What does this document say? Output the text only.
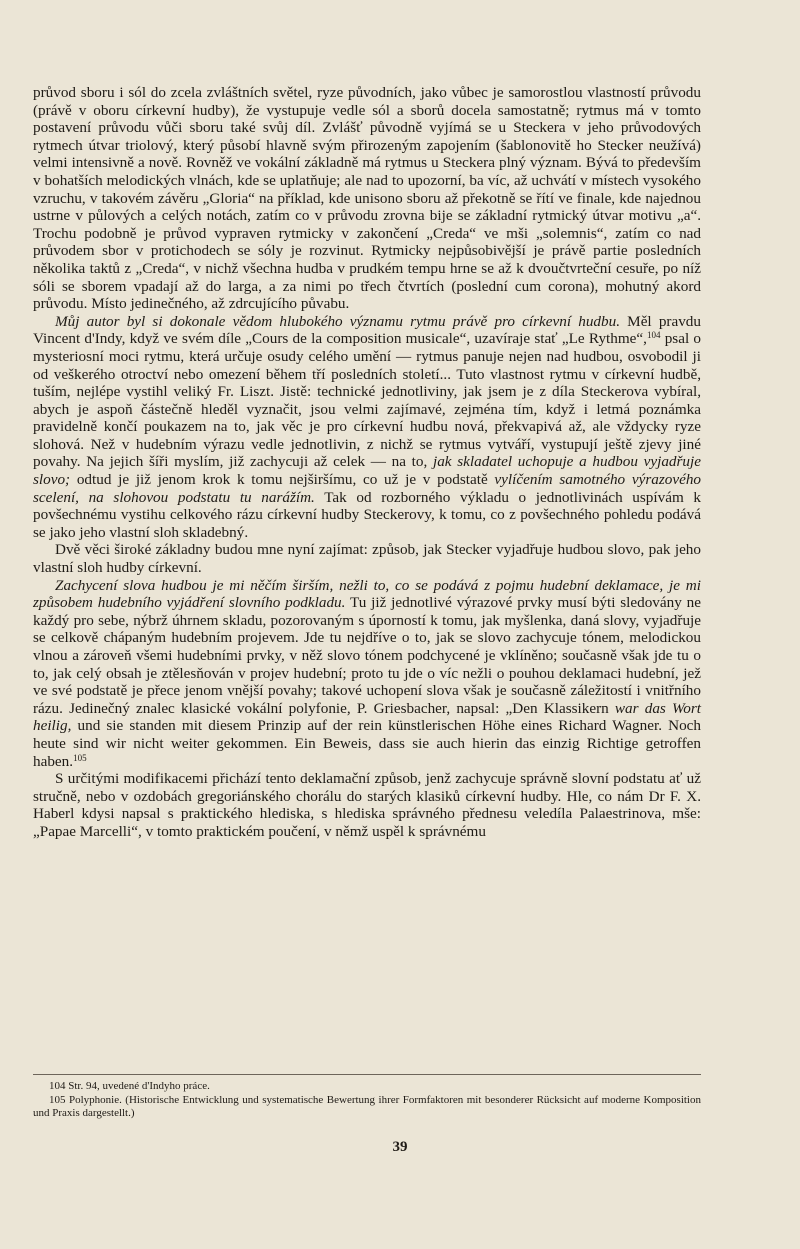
průvod sboru i sól do zcela zvláštních světel, ryze původních, jako vůbec je samorostlou vlastností průvodu (právě v oboru církevní hudby), že vystupuje vedle sól a sborů docela samostatně; rytmus má v tomto postavení průvodu vůči sboru také svůj díl. Zvlášť původně vyjímá se u Steckera v jeho průvodových rytmech útvar triolový, který působí hlavně svým přirozeným zapojením (šablonovitě ho Stecker neužívá) velmi intensivně a nově. Rovněž ve vokální základně má rytmus u Steckera plný význam. Bývá to především v bohatších melodických vlnách, kde se uplatňuje; ale nad to upozorní, ba víc, až uchvátí v místech vysokého vzruchu, v takovém závěru „Gloria“ na příklad, kde unisono sboru až překotně se řítí ve finale, kde najednou ustrne v půlových a celých notách, zatím co v průvodu zrovna bije se základní rytmický útvar motivu „a“. Trochu podobně je průvod vypraven rytmicky v zakončení „Creda“ ve mši „solemnis“, zatím co nad průvodem sbor v protichodech se sóly je rozvinut. Rytmicky nejpůsobivější je právě partie posledních několika taktů z „Creda“, v nichž všechna hudba v prudkém tempu hrne se až k dvoučtvrteční cesuře, po níž sóli se sborem vpadají až do larga, a za nimi po třech čtvrtích (poslední cum corona), mohutný akord průvodu. Místo jedinečného, až zdrcujícího půvabu.

Můj autor byl si dokonale vědom hlubokého významu rytmu právě pro církevní hudbu. Měl pravdu Vincent d'Indy, když ve svém díle „Cours de la composition musicale“, uzavíraje stať „Le Rythme“,$^{104}$ psal o mysteriosní moci rytmu, která určuje osudy celého umění — rytmus panuje nejen nad hudbou, osvobodil ji od veškerého otroctví nebo omezení během tří posledních století... Tuto vlastnost rytmu v církevní hudbě, tuším, nejlépe vystihl veliký Fr. Liszt. Jistě: technické jednotliviny, jak jsem je z díla Steckerova vybíral, abych je aspoň částečně hleděl vyznačit, jsou velmi zajímavé, zejména tím, když i letmá poznámka pravidelně končí poukazem na to, jak věc je pro církevní hudbu nová, překvapivá až, ale vždycky ryze slohová. Než v hudebním výrazu vedle jednotlivin, z nichž se rytmus vytváří, vystupují ještě zjevy jiné povahy. Na jejich šíři myslím, již zachycuji až celek — na to, jak skladatel uchopuje a hudbou vyjadřuje slovo; odtud je již jenom krok k tomu nejširšímu, co už je v podstatě vylíčením samotného výrazového scelení, na slohovou podstatu tu narážím. Tak od rozborného výkladu o jednotlivinách uspívám k povšechnému vystihu celkového rázu církevní hudby Steckerovy, k tomu, co z povšechného pohledu podává se jako jeho vlastní sloh skladebný.

Dvě věci široké základny budou mne nyní zajímat: způsob, jak Stecker vyjadřuje hudbou slovo, pak jeho vlastní sloh hudby církevní.

Zachycení slova hudbou je mi něčím širším, nežli to, co se podává z pojmu hudební deklamace, je mi způsobem hudebního vyjádření slovního podkladu. Tu již jednotlivé výrazové prvky musí býti sledovány ne každý pro sebe, nýbrž úhrnem skladu, pozorovaným s úporností k tomu, jak myšlenka, daná slovy, vyjadřuje se celkově chápaným hudebním projevem. Jde tu nejdříve o to, jak se slovo zachycuje tónem, melodickou vlnou a zároveň všemi hudebními prvky, v něž slovo tónem podchycené je vklíněno; současně však jde tu o to, jak celý obsah je ztělesňován v projev hudební; proto tu jde o víc nežli o pouhou deklamaci hudební, jež ve své podstatě je přece jenom vnější povahy; takové uchopení slova však je současně záležitostí i vnitřního rázu. Jedinečný znalec klasické vokální polyfonie, P. Griesbacher, napsal: „Den Klassikern war das Wort heilig, und sie standen mit diesem Prinzip auf der rein künstlerischen Höhe eines Richard Wagner. Noch heute sind wir nicht weiter gekommen. Ein Beweis, dass sie auch hierin das einzig Richtige getroffen haben.$^{105}$

S určitými modifikacemi přichází tento deklamační způsob, jenž zachycuje správně slovní podstatu ať už stručně, nebo v ozdobách gregoriánského chorálu do starých klasiků církevní hudby. Hle, co nám Dr F. X. Haberl kdysi napsal s praktického hlediska, s hlediska správného přednesu veledíla Palaestrinova, mše: „Papae Marcelli“, v tomto praktickém poučení, v němž uspěl k správnému

104 Str. 94, uvedené d'Indyho práce.

105 Polyphonie. (Historische Entwicklung und systematische Bewertung ihrer Formfaktoren mit besonderer Rücksicht auf moderne Komposition und Praxis dargestellt.)

39
